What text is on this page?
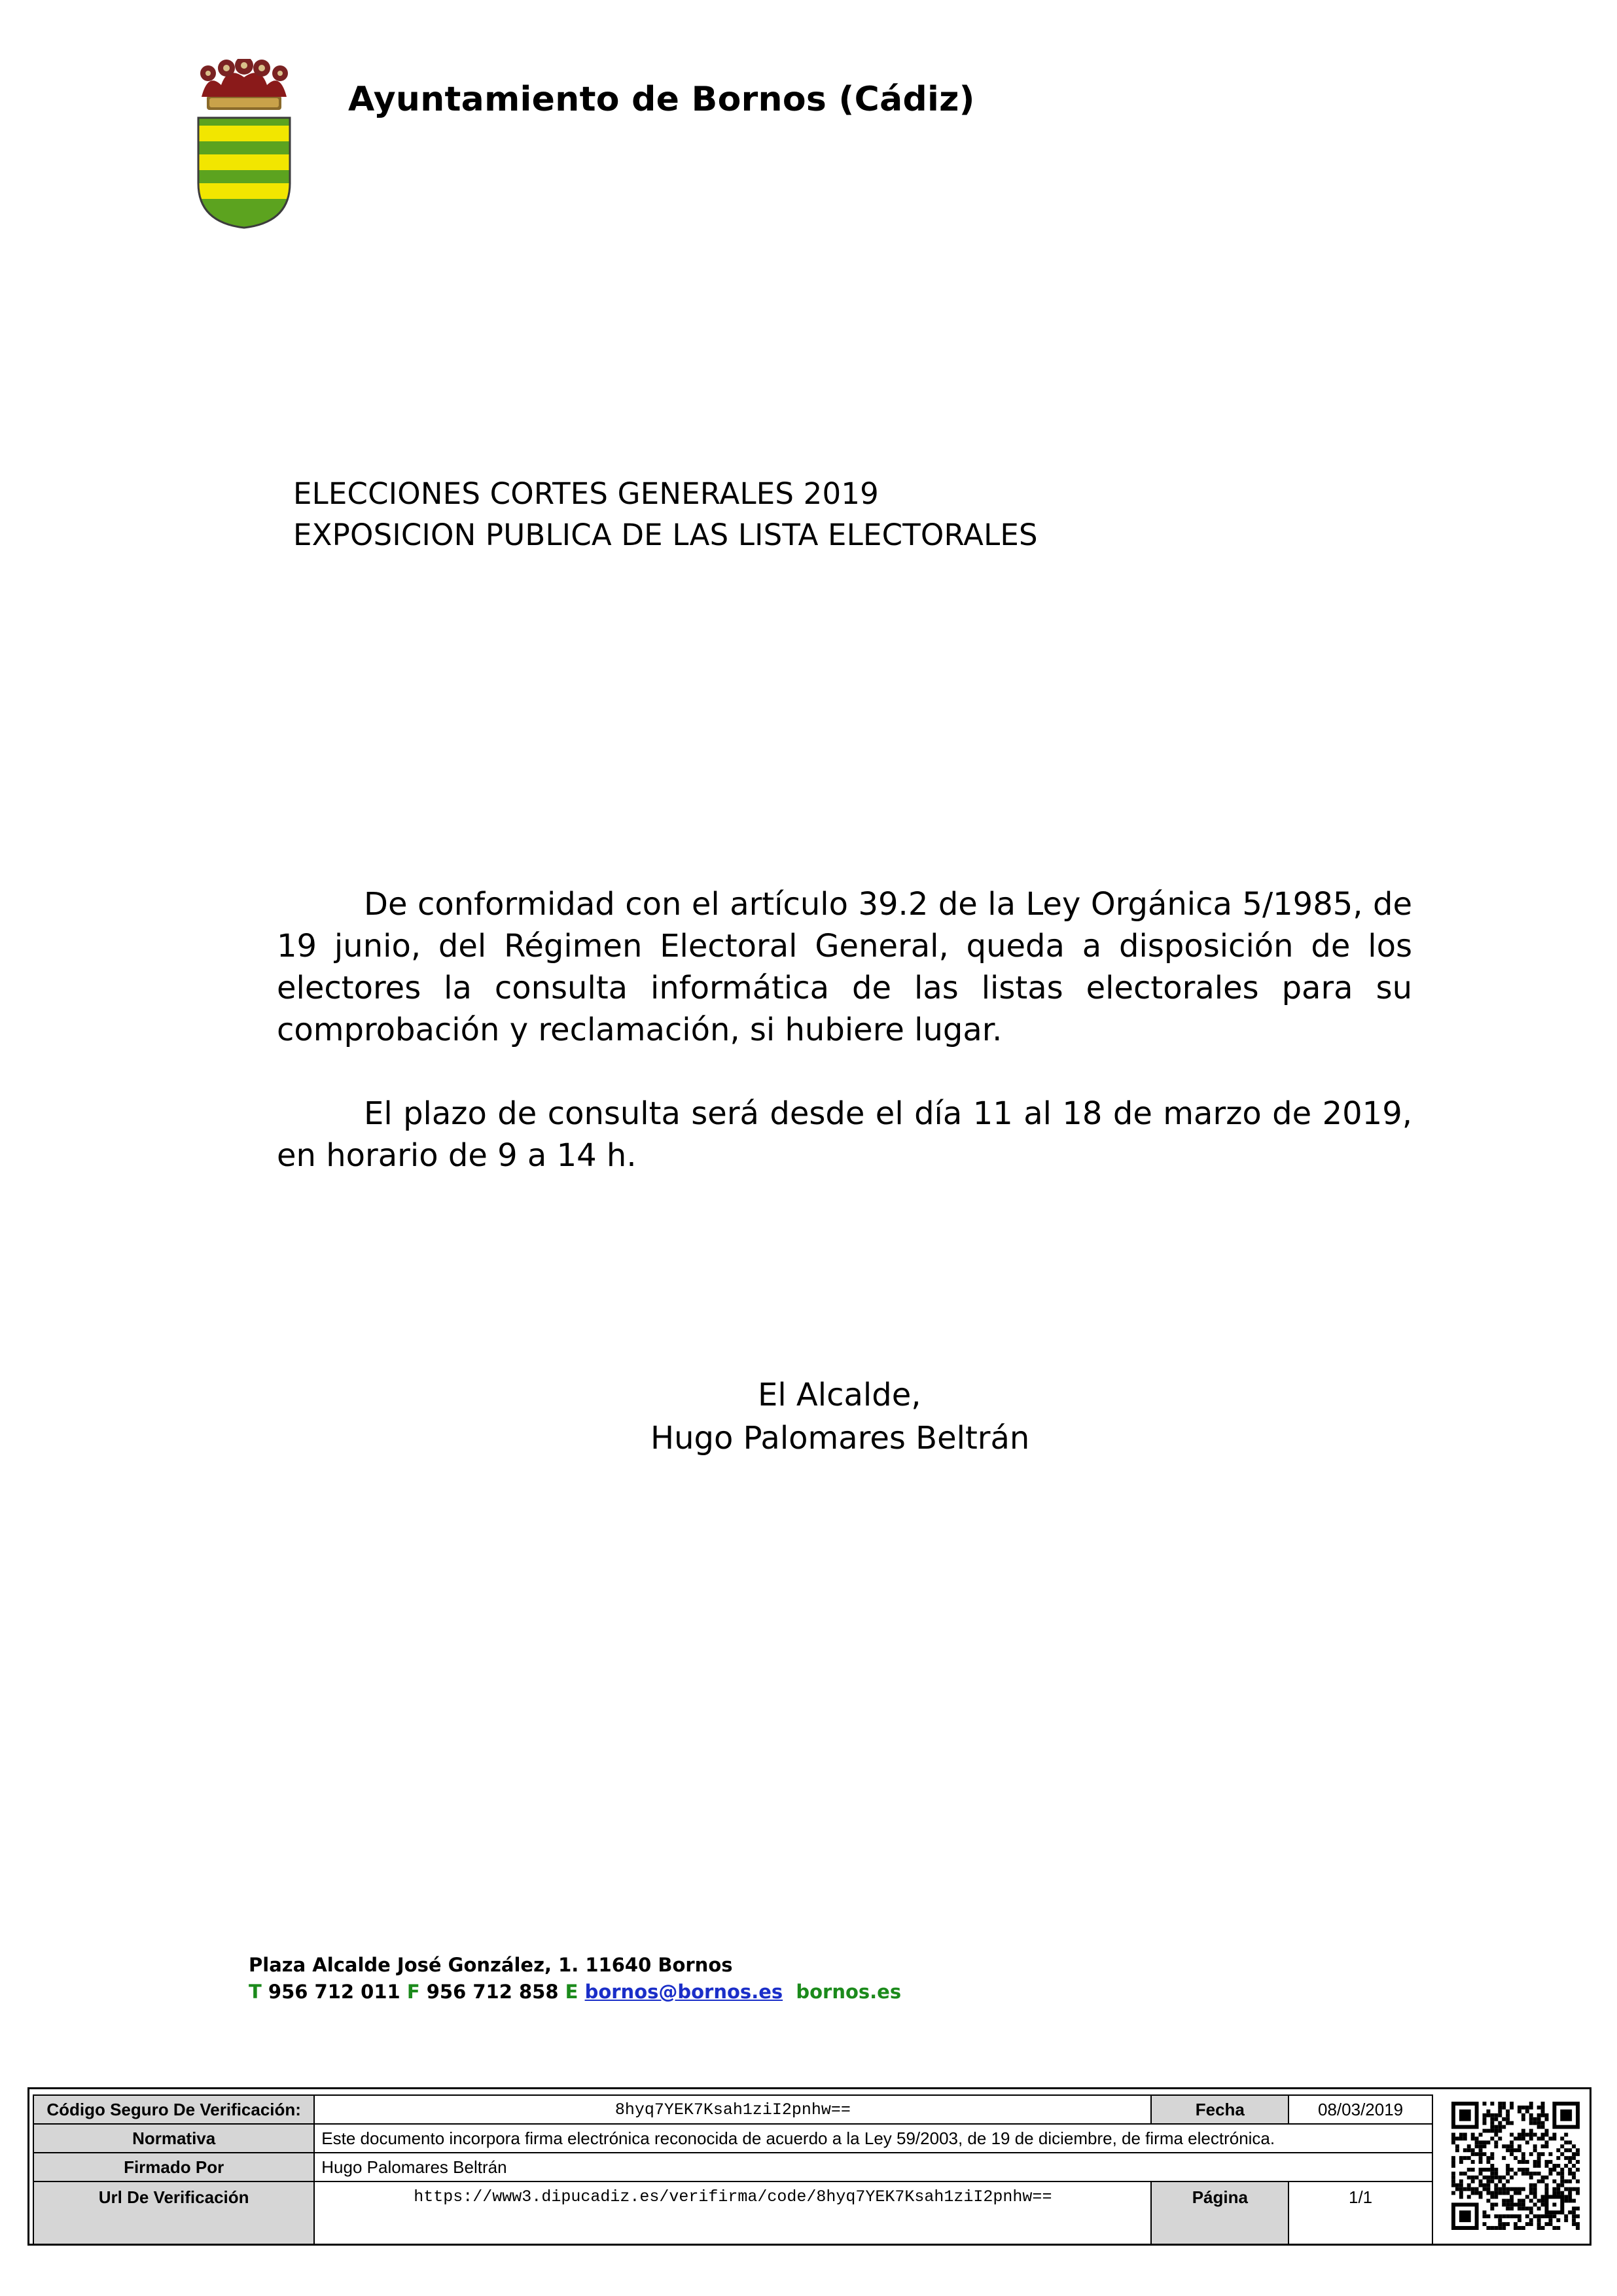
Ayuntamiento de Bornos (Cádiz)
ELECCIONES CORTES GENERALES 2019
EXPOSICION PUBLICA DE LAS LISTA ELECTORALES

De conformidad con el artículo 39.2 de la Ley Orgánica 5/1985, de 19 junio, del Régimen Electoral General, queda a disposición de los electores la consulta informática de las listas electorales para su comprobación y reclamación, si hubiere lugar.

El plazo de consulta será desde el día 11 al 18 de marzo de 2019, en horario de 9 a 14 h.

El Alcalde,
Hugo Palomares Beltrán
Plaza Alcalde José González, 1. 11640 Bornos
T 956 712 011 F 956 712 858 E bornos@bornos.es bornos.es
Código Seguro De Verificación:	8hyq7YEK7Ksah1ziI2pnhw==	Fecha	08/03/2019
Normativa	Este documento incorpora firma electrónica reconocida de acuerdo a la Ley 59/2003, de 19 de diciembre, de firma electrónica.		
Firmado Por	Hugo Palomares Beltrán		
Url De Verificación	https://www3.dipucadiz.es/verifirma/code/8hyq7YEK7Ksah1ziI2pnhw==	Página	1/1
